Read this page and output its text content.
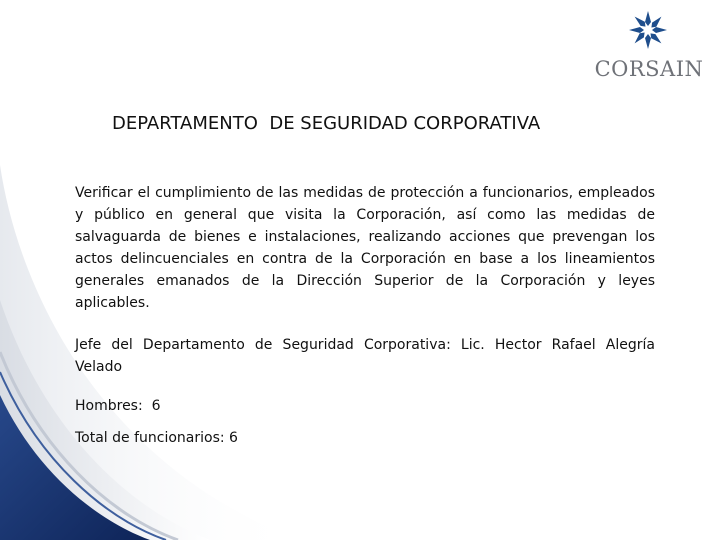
CORSAIN
DEPARTAMENTO  DE SEGURIDAD CORPORATIVA
Verificar el cumplimiento de las medidas de protección a funcionarios, empleados y público en general que visita la Corporación, así como las medidas de salvaguarda de bienes e instalaciones, realizando acciones que prevengan los actos delincuenciales en contra de la Corporación en base a los lineamientos generales emanados de la Dirección Superior de la Corporación y leyes aplicables.
Jefe del Departamento de Seguridad Corporativa: Lic. Hector Rafael Alegría Velado
Hombres:  6
Total de funcionarios: 6
